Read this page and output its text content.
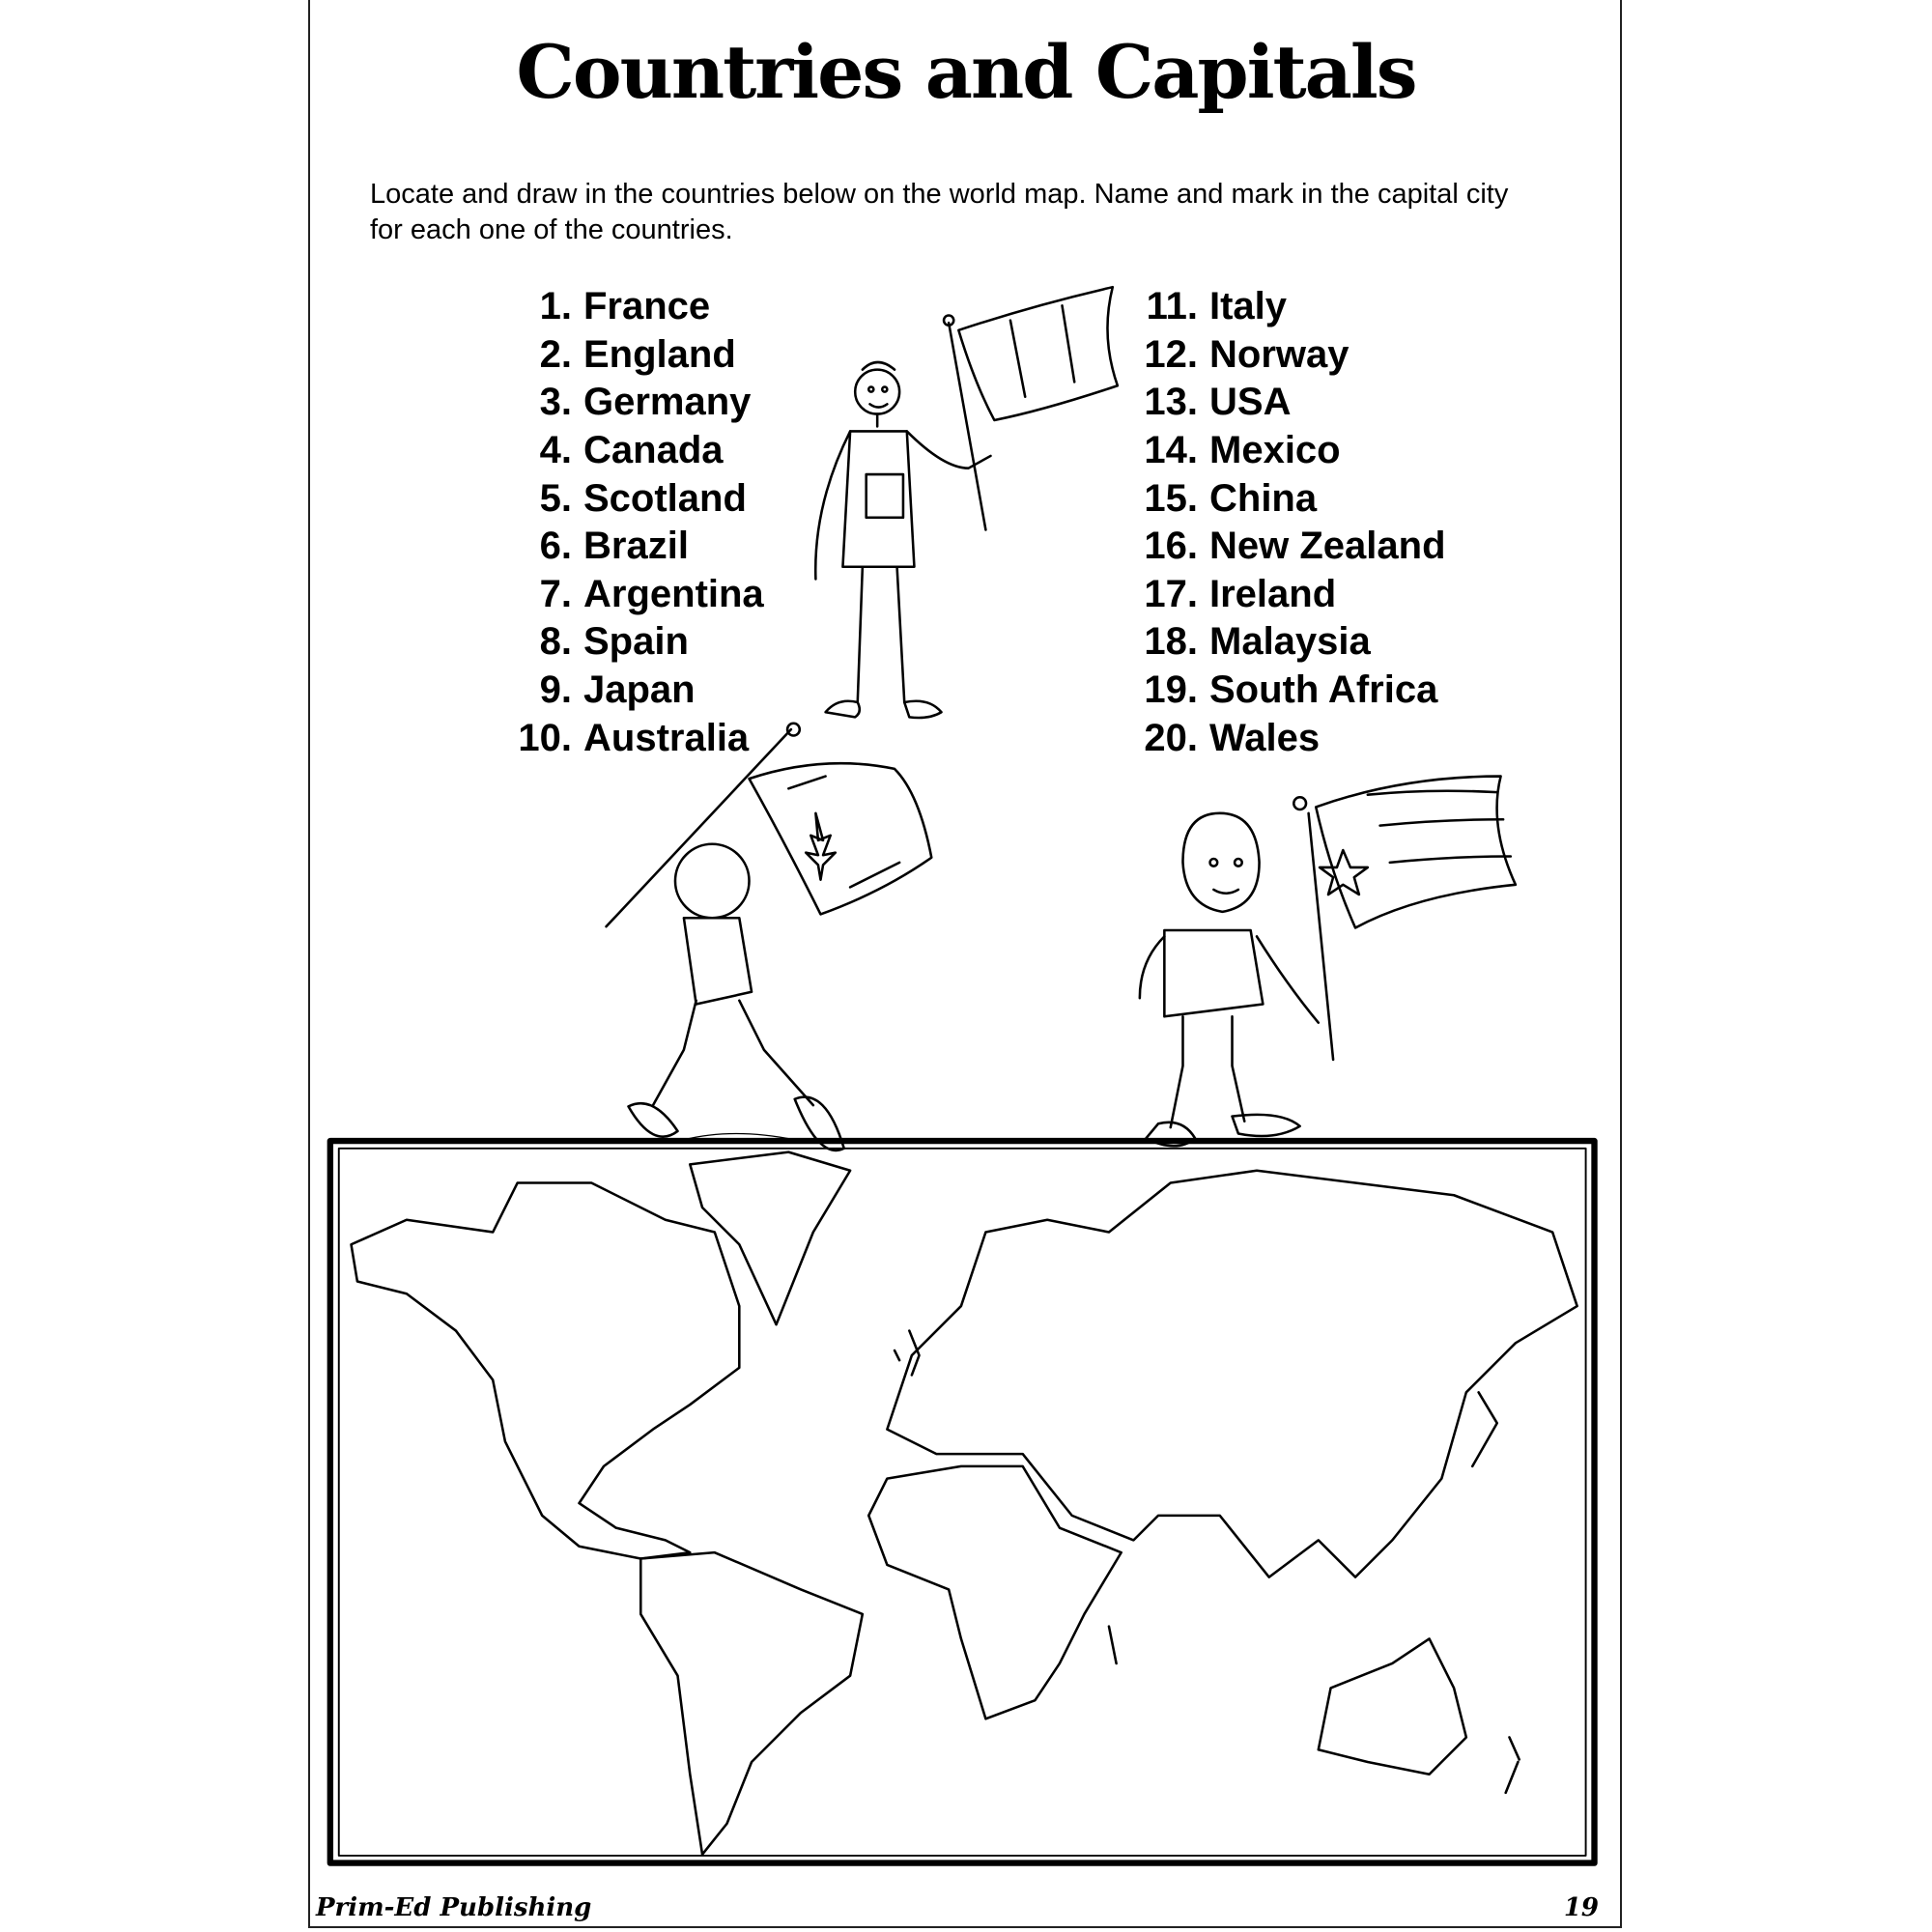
Countries and Capitals
Locate and draw in the countries below on the world map. Name and mark in the capital city for each one of the countries.
1. France
2. England
3. Germany
4. Canada
5. Scotland
6. Brazil
7. Argentina
8. Spain
9. Japan
10. Australia
11. Italy
12. Norway
13. USA
14. Mexico
15. China
16. New Zealand
17. Ireland
18. Malaysia
19. South Africa
20. Wales
Prim-Ed Publishing	19
